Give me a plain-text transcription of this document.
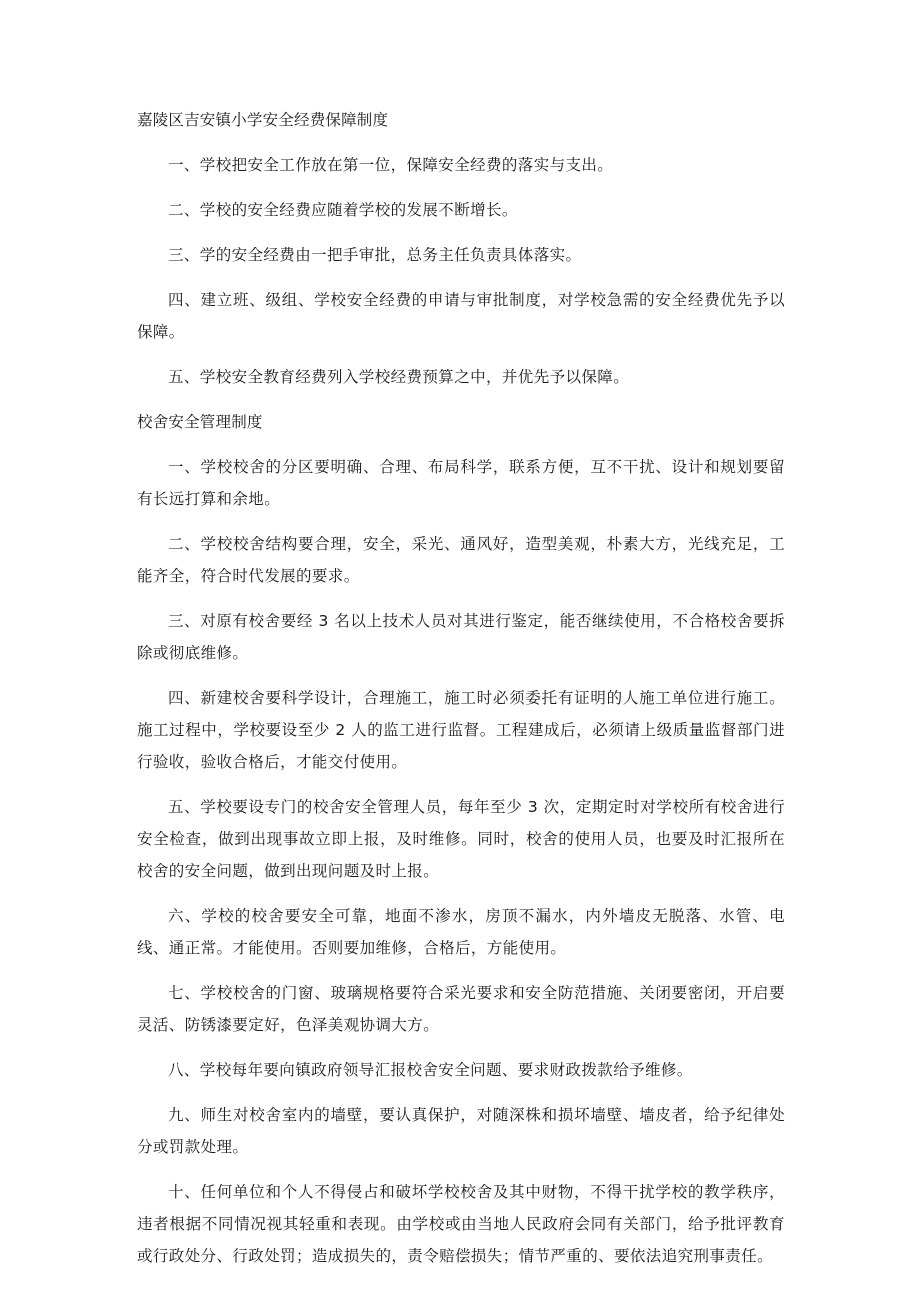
嘉陵区吉安镇小学安全经费保障制度
一、学校把安全工作放在第一位，保障安全经费的落实与支出。
二、学校的安全经费应随着学校的发展不断增长。
三、学的安全经费由一把手审批，总务主任负责具体落实。
四、建立班、级组、学校安全经费的申请与审批制度，对学校急需的安全经费优先予以保障。
五、学校安全教育经费列入学校经费预算之中，并优先予以保障。
校舍安全管理制度
一、学校校舍的分区要明确、合理、布局科学，联系方便，互不干扰、设计和规划要留有长远打算和余地。
二、学校校舍结构要合理，安全，采光、通风好，造型美观，朴素大方，光线充足，工能齐全，符合时代发展的要求。
三、对原有校舍要经 3 名以上技术人员对其进行鉴定，能否继续使用，不合格校舍要拆除或彻底维修。
四、新建校舍要科学设计，合理施工，施工时必须委托有证明的人施工单位进行施工。施工过程中，学校要设至少 2 人的监工进行监督。工程建成后，必须请上级质量监督部门进行验收，验收合格后，才能交付使用。
五、学校要设专门的校舍安全管理人员，每年至少 3 次，定期定时对学校所有校舍进行安全检查，做到出现事故立即上报，及时维修。同时，校舍的使用人员，也要及时汇报所在校舍的安全问题，做到出现问题及时上报。
六、学校的校舍要安全可靠，地面不渗水，房顶不漏水，内外墙皮无脱落、水管、电线、通正常。才能使用。否则要加维修，合格后，方能使用。
七、学校校舍的门窗、玻璃规格要符合采光要求和安全防范措施、关闭要密闭，开启要灵活、防锈漆要定好，色泽美观协调大方。
八、学校每年要向镇政府领导汇报校舍安全问题、要求财政拨款给予维修。
九、师生对校舍室内的墙壁，要认真保护，对随深株和损坏墙壁、墙皮者，给予纪律处分或罚款处理。
十、任何单位和个人不得侵占和破坏学校校舍及其中财物，不得干扰学校的教学秩序，违者根据不同情况视其轻重和表现。由学校或由当地人民政府会同有关部门，给予批评教育或行政处分、行政处罚；造成损失的，责令赔偿损失；情节严重的、要依法追究刑事责任。
